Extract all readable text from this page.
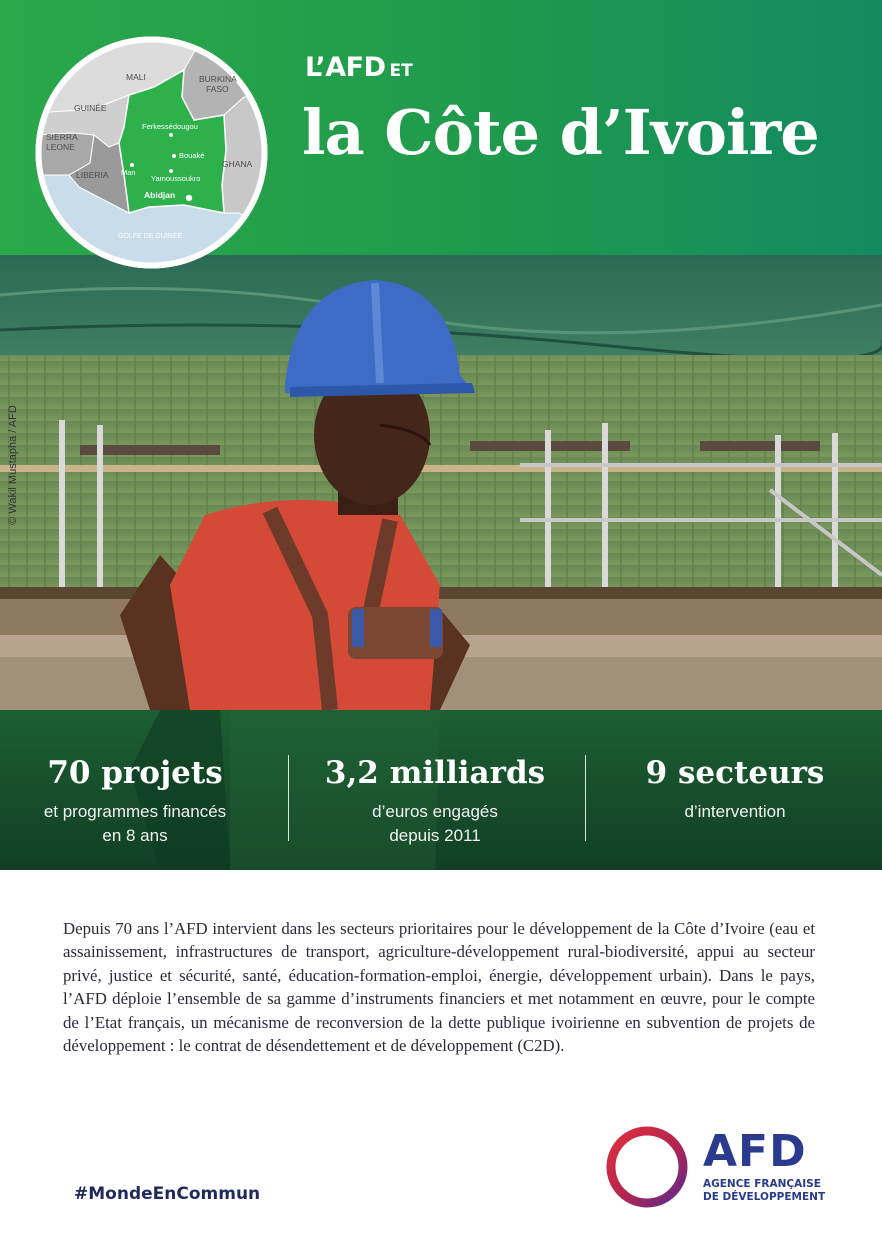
L’AFD ET
la Côte d’Ivoire
MALI	BURKINA
FASO
GUINÉE
SIERRA
LEONE
LIBERIA
GHANA
Ferkessédougou
Bouaké
Man
Yamoussoukro
Abidjan
GOLFE DE GUINÉE
© Wakil Mustapha / AFD
70 projets
et programmes financés
en 8 ans
3,2 milliards
d’euros engagés
depuis 2011
9 secteurs
d’intervention

Depuis 70 ans l’AFD intervient dans les secteurs prioritaires pour le développement de la Côte d’Ivoire (eau et assainissement, infrastructures de transport, agriculture-développement rural-biodiversité, appui au secteur privé, justice et sécurité, santé, éducation-formation-emploi, énergie, développement urbain). Dans le pays, l’AFD déploie l’ensemble de sa gamme d’instruments financiers et met notamment en œuvre, pour le compte de l’Etat français, un mécanisme de reconversion de la dette publique ivoirienne en subvention de projets de développement : le contrat de désendettement et de développement (C2D).

#MondeEnCommun
AFD
AGENCE FRANÇAISE
DE DÉVELOPPEMENT
